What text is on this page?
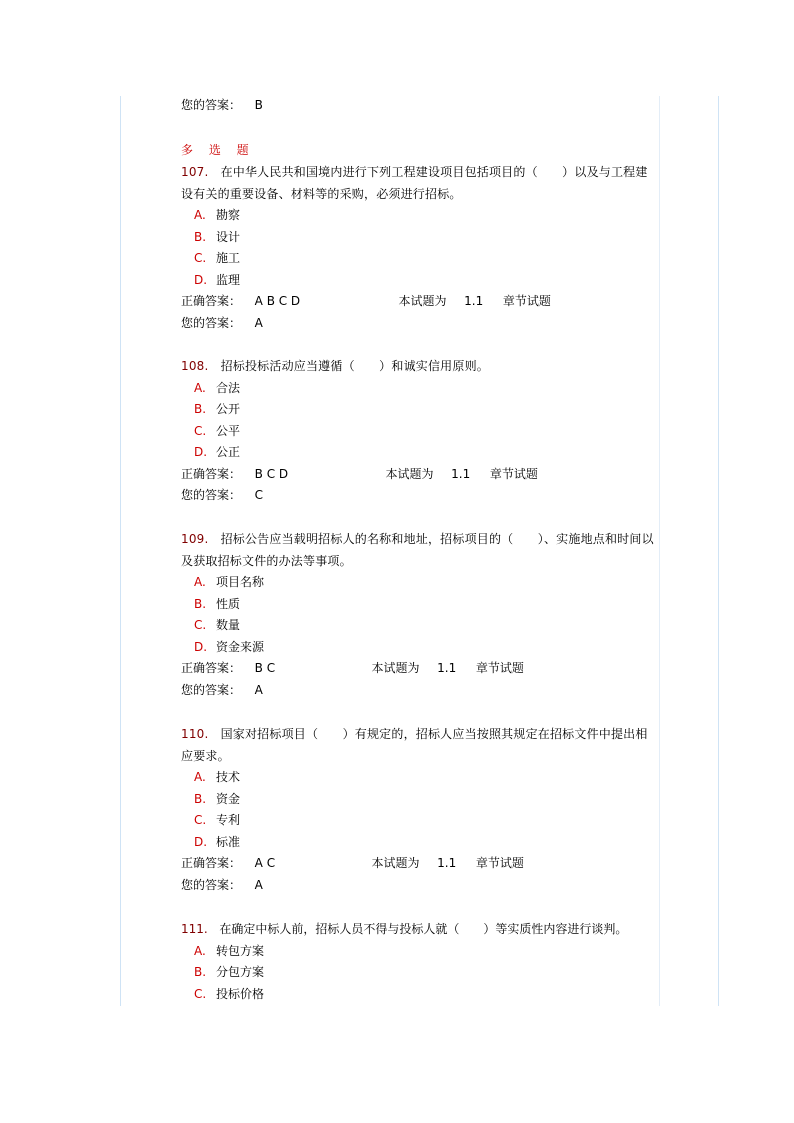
您的答案： B
多 选 题
107. 在中华人民共和国境内进行下列工程建设项目包括项目的（　　）以及与工程建设有关的重要设备、材料等的采购，必须进行招标。
A. 勘察
B. 设计
C. 施工
D. 监理
正确答案： A B C D	本试题为 1.1 章节试题
您的答案： A
108. 招标投标活动应当遵循（　　）和诚实信用原则。
A. 合法
B. 公开
C. 公平
D. 公正
正确答案： B C D	本试题为 1.1 章节试题
您的答案： C
109. 招标公告应当载明招标人的名称和地址，招标项目的（　　）、实施地点和时间以及获取招标文件的办法等事项。
A. 项目名称
B. 性质
C. 数量
D. 资金来源
正确答案： B C	本试题为 1.1 章节试题
您的答案： A
110. 国家对招标项目（　　）有规定的，招标人应当按照其规定在招标文件中提出相应要求。
A. 技术
B. 资金
C. 专利
D. 标准
正确答案： A C	本试题为 1.1 章节试题
您的答案： A
111. 在确定中标人前，招标人员不得与投标人就（　　）等实质性内容进行谈判。
A. 转包方案
B. 分包方案
C. 投标价格
